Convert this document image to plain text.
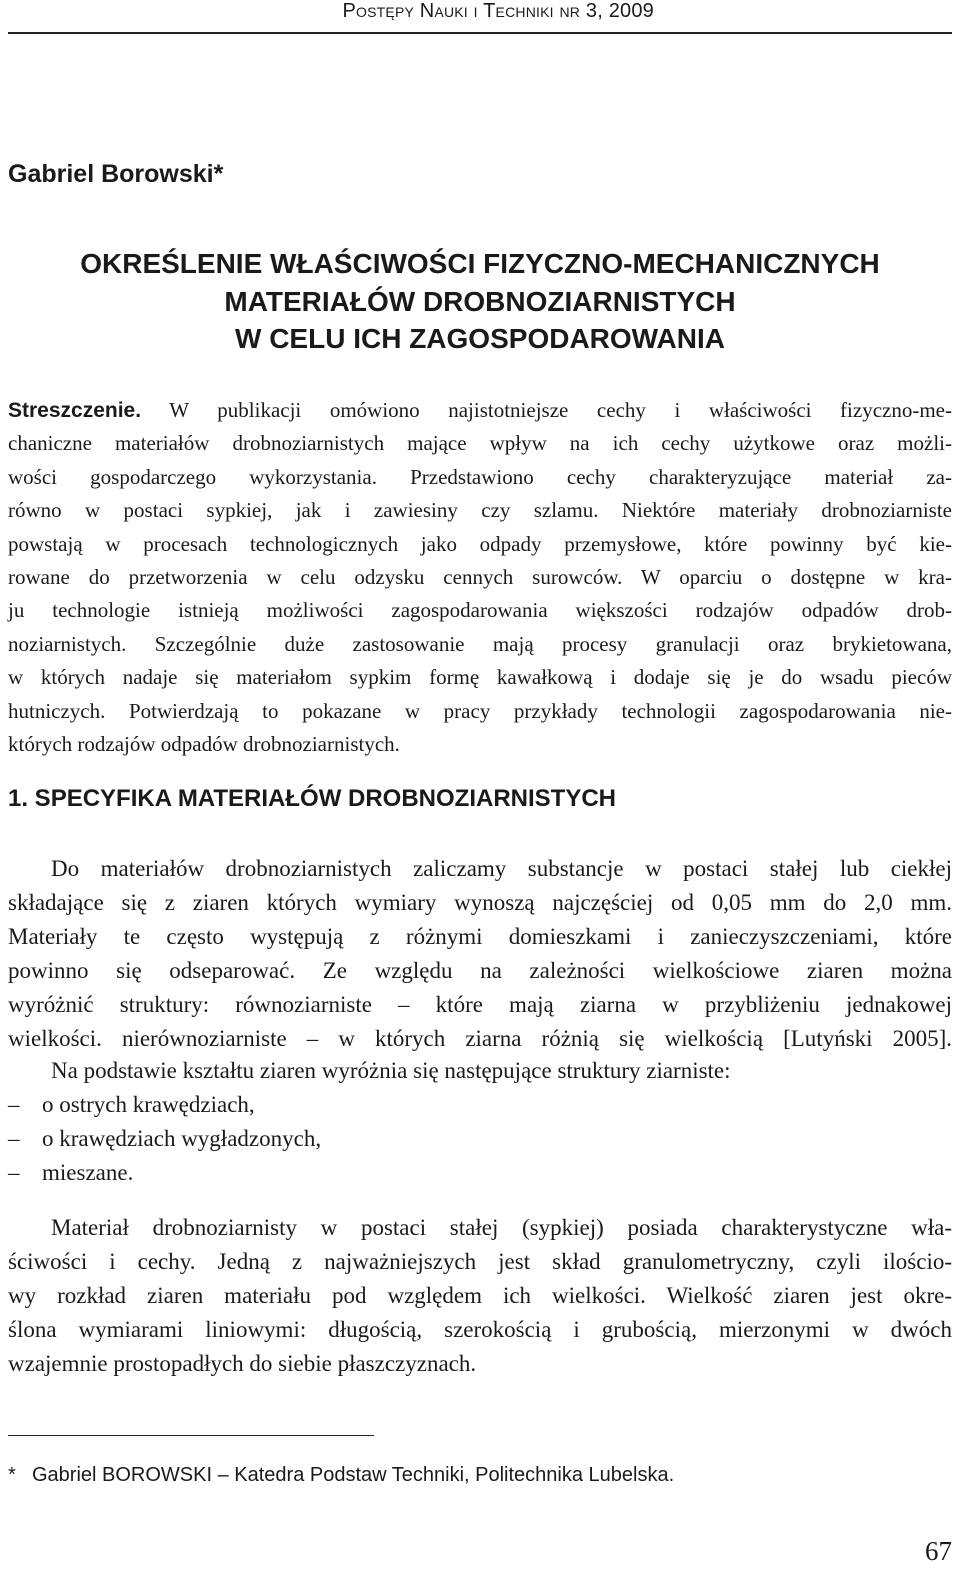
Postępy Nauki i Techniki nr 3, 2009
Gabriel Borowski*
OKREŚLENIE WŁAŚCIWOŚCI FIZYCZNO-MECHANICZNYCH
MATERIAŁÓW DROBNOZIARNISTYCH
W CELU ICH ZAGOSPODAROWANIA
Streszczenie. W publikacji omówiono najistotniejsze cechy i właściwości fizyczno-me-
chaniczne materiałów drobnoziarnistych mające wpływ na ich cechy użytkowe oraz możli-
wości gospodarczego wykorzystania. Przedstawiono cechy charakteryzujące materiał za-
równo w postaci sypkiej, jak i zawiesiny czy szlamu. Niektóre materiały drobnoziarniste
powstają w procesach technologicznych jako odpady przemysłowe, które powinny być kie-
rowane do przetworzenia w celu odzysku cennych surowców. W oparciu o dostępne w kra-
ju technologie istnieją możliwości zagospodarowania większości rodzajów odpadów drob-
noziarnistych. Szczególnie duże zastosowanie mają procesy granulacji oraz brykietowana,
w których nadaje się materiałom sypkim formę kawałkową i dodaje się je do wsadu pieców
hutniczych. Potwierdzają to pokazane w pracy przykłady technologii zagospodarowania nie-
których rodzajów odpadów drobnoziarnistych.
1. SPECYFIKA MATERIAŁÓW DROBNOZIARNISTYCH
Do materiałów drobnoziarnistych zaliczamy substancje w postaci stałej lub ciekłej
składające się z ziaren których wymiary wynoszą najczęściej od 0,05 mm do 2,0 mm.
Materiały te często występują z różnymi domieszkami i zanieczyszczeniami, które
powinno się odseparować. Ze względu na zależności wielkościowe ziaren można
wyróżnić struktury: równoziarniste – które mają ziarna w przybliżeniu jednakowej
wielkości. nierównoziarniste – w których ziarna różnią się wielkością [Lutyński 2005].
Na podstawie kształtu ziaren wyróżnia się następujące struktury ziarniste:
– o ostrych krawędziach,
– o krawędziach wygładzonych,
– mieszane.
Materiał drobnoziarnisty w postaci stałej (sypkiej) posiada charakterystyczne wła-
ściwości i cechy. Jedną z najważniejszych jest skład granulometryczny, czyli ilościo-
wy rozkład ziaren materiału pod względem ich wielkości. Wielkość ziaren jest okre-
ślona wymiarami liniowymi: długością, szerokością i grubością, mierzonymi w dwóch
wzajemnie prostopadłych do siebie płaszczyznach.
* Gabriel BOROWSKI – Katedra Podstaw Techniki, Politechnika Lubelska.
67
